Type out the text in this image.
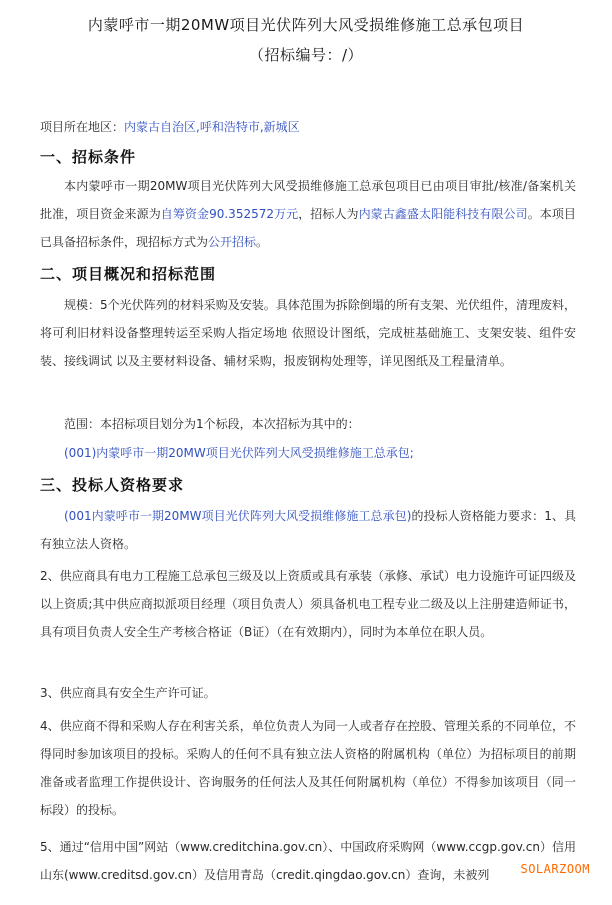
内蒙呼市一期20MW项目光伏阵列大风受损维修施工总承包项目
（招标编号：/）
项目所在地区：内蒙古自治区,呼和浩特市,新城区
一、招标条件
本内蒙呼市一期20MW项目光伏阵列大风受损维修施工总承包项目已由项目审批/核准/备案机关批准，项目资金来源为自筹资金90.352572万元，招标人为内蒙古鑫盛太阳能科技有限公司。本项目已具备招标条件，现招标方式为公开招标。
二、项目概况和招标范围
规模：5个光伏阵列的材料采购及安装。具体范围为拆除倒塌的所有支架、光伏组件，清理废料，将可利旧材料设备整理转运至采购人指定场地 依照设计图纸，完成桩基础施工、支架安装、组件安装、接线调试 以及主要材料设备、辅材采购，报废钢构处理等，详见图纸及工程量清单。
范围：本招标项目划分为1个标段，本次招标为其中的：
(001)内蒙呼市一期20MW项目光伏阵列大风受损维修施工总承包;
三、投标人资格要求
(001内蒙呼市一期20MW项目光伏阵列大风受损维修施工总承包)的投标人资格能力要求：1、具有独立法人资格。
2、供应商具有电力工程施工总承包三级及以上资质或具有承装（承修、承试）电力设施许可证四级及以上资质;其中供应商拟派项目经理（项目负责人）须具备机电工程专业二级及以上注册建造师证书，具有项目负责人安全生产考核合格证（B证）（在有效期内），同时为本单位在职人员。
3、供应商具有安全生产许可证。
4、供应商不得和采购人存在利害关系，单位负责人为同一人或者存在控股、管理关系的不同单位，不得同时参加该项目的投标。采购人的任何不具有独立法人资格的附属机构（单位）为招标项目的前期准备或者监理工作提供设计、咨询服务的任何法人及其任何附属机构（单位）不得参加该项目（同一标段）的投标。
5、通过“信用中国”网站（www.creditchina.gov.cn）、中国政府采购网（www.ccgp.gov.cn）信用山东(www.creditsd.gov.cn）及信用青岛（credit.qingdao.gov.cn）查询，未被列	SOLARZOOM
